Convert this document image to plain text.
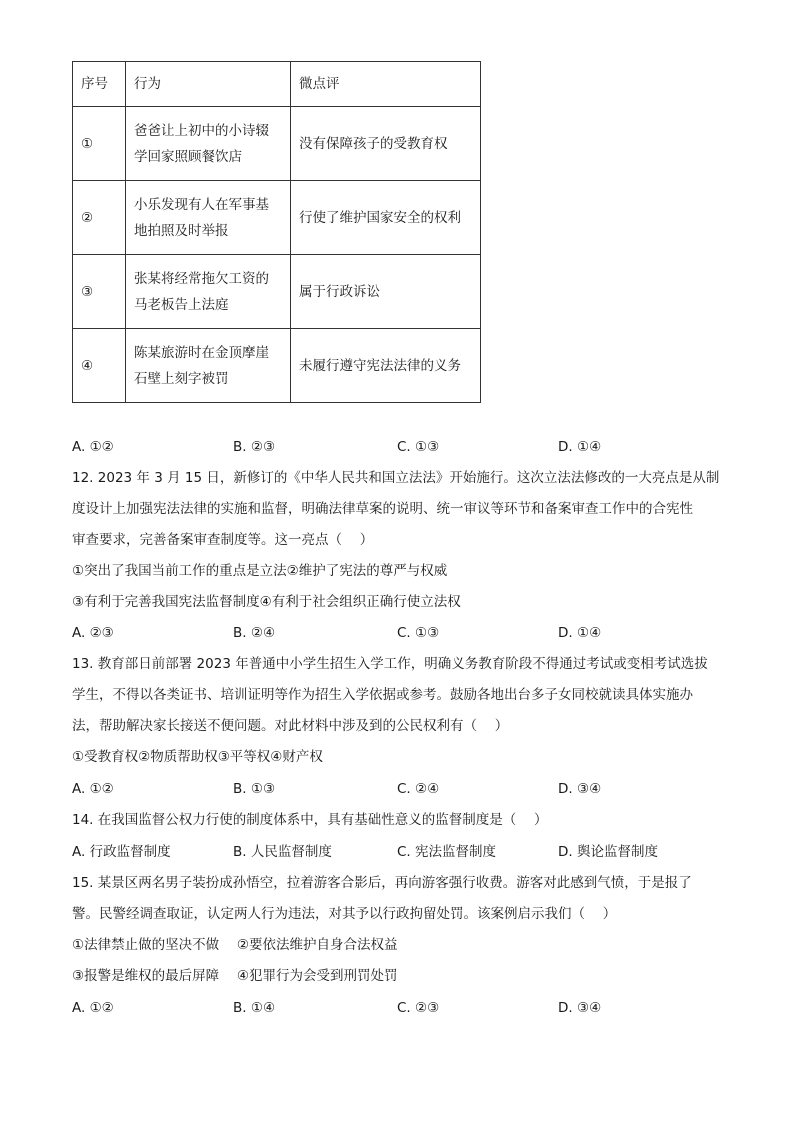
序号	行为	微点评
①	爸爸让上初中的小诗辍
学回家照顾餐饮店	没有保障孩子的受教育权
②	小乐发现有人在军事基
地拍照及时举报	行使了维护国家安全的权利
③	张某将经常拖欠工资的
马老板告上法庭	属于行政诉讼
④	陈某旅游时在金顶摩崖
石壁上刻字被罚	未履行遵守宪法法律的义务
A. ①②	B. ②③	C. ①③	D. ①④
12. 2023 年 3 月 15 日，新修订的《中华人民共和国立法法》开始施行。这次立法法修改的一大亮点是从制
度设计上加强宪法法律的实施和监督，明确法律草案的说明、统一审议等环节和备案审查工作中的合宪性
审查要求，完善备案审查制度等。这一亮点（　 ）
①突出了我国当前工作的重点是立法②维护了宪法的尊严与权威
③有利于完善我国宪法监督制度④有利于社会组织正确行使立法权
A. ②③	B. ②④	C. ①③	D. ①④
13. 教育部日前部署 2023 年普通中小学生招生入学工作，明确义务教育阶段不得通过考试或变相考试选拔
学生，不得以各类证书、培训证明等作为招生入学依据或参考。鼓励各地出台多子女同校就读具体实施办
法，帮助解决家长接送不便问题。对此材料中涉及到的公民权利有（　 ）
①受教育权②物质帮助权③平等权④财产权
A. ①②	B. ①③	C. ②④	D. ③④
14. 在我国监督公权力行使的制度体系中，具有基础性意义的监督制度是（　 ）
A. 行政监督制度	B. 人民监督制度	C. 宪法监督制度	D. 舆论监督制度
15. 某景区两名男子装扮成孙悟空，拉着游客合影后，再向游客强行收费。游客对此感到气愤，于是报了
警。民警经调查取证，认定两人行为违法，对其予以行政拘留处罚。该案例启示我们（　 ）
①法律禁止做的坚决不做　 ②要依法维护自身合法权益
③报警是维权的最后屏障　 ④犯罪行为会受到刑罚处罚
A. ①②	B. ①④	C. ②③	D. ③④
